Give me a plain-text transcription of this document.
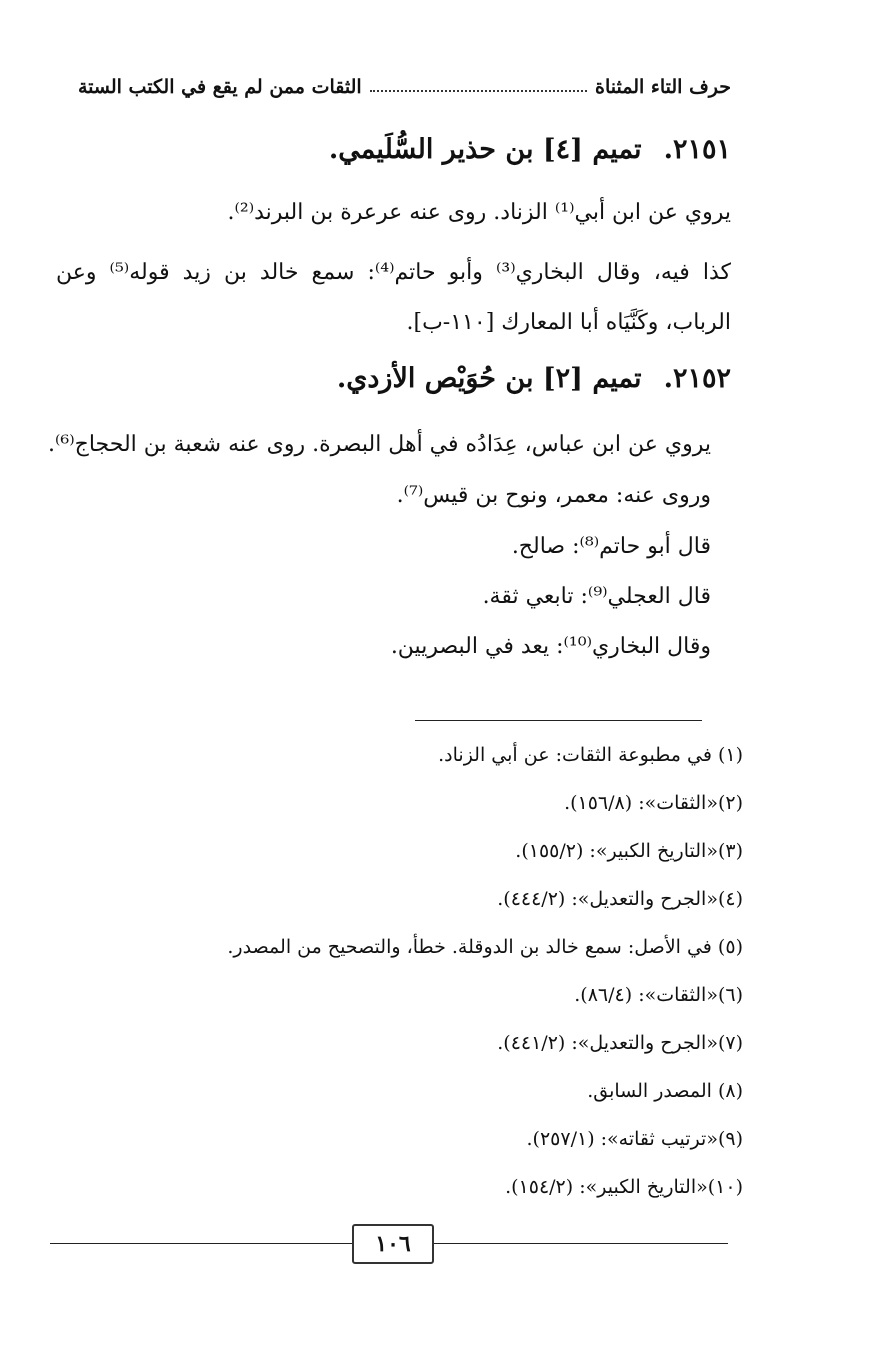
حرف التاء المثناة
الثقات ممن لم يقع في الكتب الستة
٢١٥١.تميم [٤] بن حذير السُّلَيمي.
يروي عن ابن أبي⁽¹⁾ الزناد. روى عنه عرعرة بن البرند⁽²⁾.
كذا فيه، وقال البخاري⁽³⁾ وأبو حاتم⁽⁴⁾: سمع خالد بن زيد قوله⁽⁵⁾ وعن
الرباب، وكَنَّيَاه أبا المعارك [١١٠-ب].
٢١٥٢.تميم [٢] بن حُوَيْص الأزدي.
يروي عن ابن عباس، عِدَادُه في أهل البصرة. روى عنه شعبة بن الحجاج⁽⁶⁾.
وروى عنه: معمر، ونوح بن قيس⁽⁷⁾.
قال أبو حاتم⁽⁸⁾: صالح.
قال العجلي⁽⁹⁾: تابعي ثقة.
وقال البخاري⁽¹⁰⁾: يعد في البصريين.
(١) في مطبوعة الثقات: عن أبي الزناد.
(٢)«الثقات»: (١٥٦/٨).
(٣)«التاريخ الكبير»: (١٥٥/٢).
(٤)«الجرح والتعديل»: (٤٤٤/٢).
(٥) في الأصل: سمع خالد بن الدوقلة. خطأ، والتصحيح من المصدر.
(٦)«الثقات»: (٨٦/٤).
(٧)«الجرح والتعديل»: (٤٤١/٢).
(٨) المصدر السابق.
(٩)«ترتيب ثقاته»: (٢٥٧/١).
(١٠)«التاريخ الكبير»: (١٥٤/٢).
١٠٦
